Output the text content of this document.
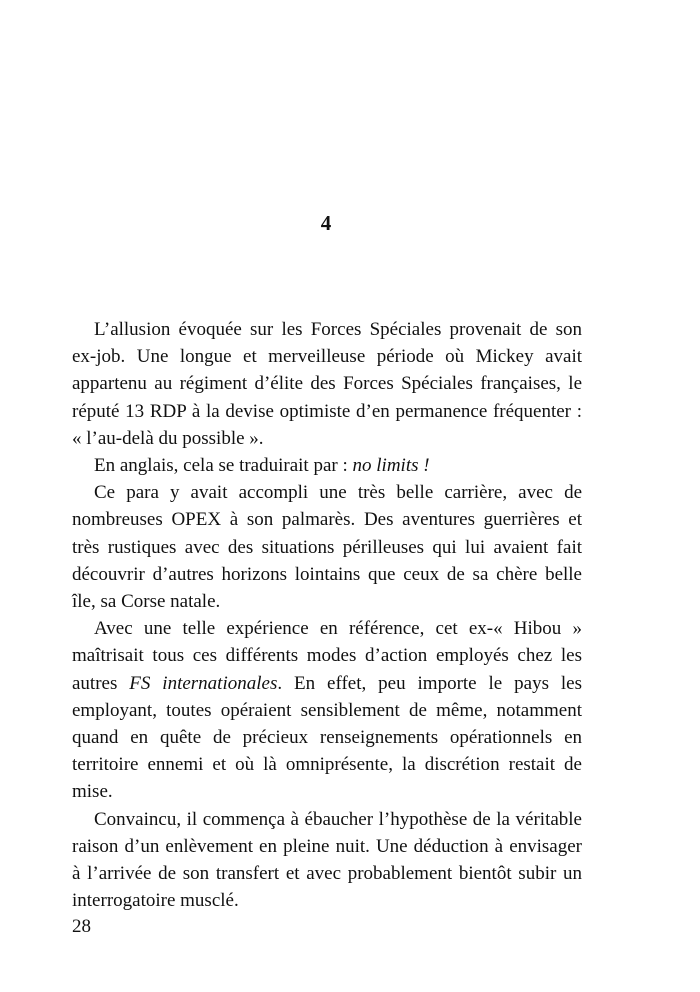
4

L’allusion évoquée sur les Forces Spéciales provenait de son ex-job. Une longue et merveilleuse période où Mickey avait appartenu au régiment d’élite des Forces Spéciales françaises, le réputé 13 RDP à la devise optimiste d’en permanence fréquenter : « l’au-delà du possible ».

En anglais, cela se traduirait par : no limits !

Ce para y avait accompli une très belle carrière, avec de nombreuses OPEX à son palmarès. Des aventures guerrières et très rustiques avec des situations périlleuses qui lui avaient fait découvrir d’autres horizons lointains que ceux de sa chère belle île, sa Corse natale.

Avec une telle expérience en référence, cet ex-« Hibou » maîtrisait tous ces différents modes d’action employés chez les autres FS internationales. En effet, peu importe le pays les employant, toutes opéraient sensiblement de même, notamment quand en quête de précieux renseignements opérationnels en territoire ennemi et où là omniprésente, la discrétion restait de mise.

Convaincu, il commença à ébaucher l’hypothèse de la véritable raison d’un enlèvement en pleine nuit. Une déduction à envisager à l’arrivée de son transfert et avec probablement bientôt subir un interrogatoire musclé.

28
